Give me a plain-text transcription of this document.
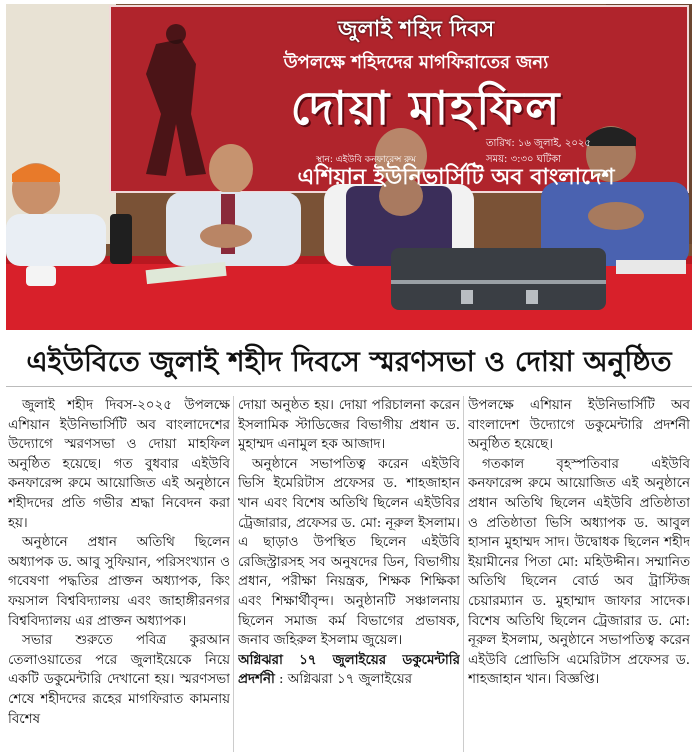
জুলাই শহিদ দিবস
উপলক্ষে শহিদদের মাগফিরাতের জন্য
দোয়া মাহফিল
তারিখ: ১৬ জুলাই, ২০২৫
সময়: ৩:৩০ ঘটিকা
স্থান: এইউবি কনফারেন্স রুম
এশিয়ান ইউনিভার্সিটি অব বাংলাদেশ
এইউবিতে জুলাই শহীদ দিবসে স্মরণসভা ও দোয়া অনুষ্ঠিত

জুলাই শহীদ দিবস-২০২৫ উপলক্ষে এশিয়ান ইউনিভার্সিটি অব বাংলাদেশের উদ্যোগে স্মরণসভা ও দোয়া মাহফিল অনুষ্ঠিত হয়েছে। গত বুধবার এইউবি কনফারেন্স রুমে আয়োজিত এই অনুষ্ঠানে শহীদদের প্রতি গভীর শ্রদ্ধা নিবেদন করা হয়।

অনুষ্ঠানে প্রধান অতিথি ছিলেন অধ্যাপক ড. আবু সুফিয়ান, পরিসংখ্যান ও গবেষণা পদ্ধতির প্রাক্তন অধ্যাপক, কিং ফয়সাল বিশ্ববিদ্যালয় এবং জাহাঙ্গীরনগর বিশ্ববিদ্যালয় এর প্রাক্তন অধ্যাপক।

সভার শুরুতে পবিত্র কুরআন তেলাওয়াতের পরে জুলাইয়েকে নিয়ে একটি ডকুমেন্টারি দেখানো হয়। স্মরণসভা শেষে শহীদদের রূহের মাগফিরাত কামনায় বিশেষ

দোয়া অনুষ্ঠত হয়। দোয়া পরিচালনা করেন ইসলামিক স্টাডিজের বিভাগীয় প্রধান ড. মুহাম্মদ এনামুল হক আজাদ।

অনুষ্ঠানে সভাপতিত্ব করেন এইউবি ভিসি ইমেরিটাস প্রফেসর ড. শাহজাহান খান এবং বিশেষ অতিথি ছিলেন এইউবির ট্রেজারার, প্রফেসর ড. মো: নূরুল ইসলাম। এ ছাড়াও উপস্থিত ছিলেন এইউবি রেজিস্ট্রারসহ সব অনুষদের ডিন, বিভাগীয় প্রধান, পরীক্ষা নিয়ন্ত্রক, শিক্ষক শিক্ষিকা এবং শিক্ষার্থীবৃন্দ। অনুষ্ঠানটি সঞ্চালনায় ছিলেন সমাজ কর্ম বিভাগের প্রভাষক, জনাব জহিরুল ইসলাম জুয়েল।

অগ্নিঝরা ১৭ জুলাইয়ের ডকুমেন্টারি প্রদর্শনী : অগ্নিঝরা ১৭ জুলাইয়ের

উপলক্ষে এশিয়ান ইউনিভার্সিটি অব বাংলাদেশ উদ্যোগে ডকুমেন্টারি প্রদর্শনী অনুষ্ঠিত হয়েছে।

গতকাল বৃহস্পতিবার এইউবি কনফারেন্স রুমে আয়োজিত এই অনুষ্ঠানে প্রধান অতিথি ছিলেন এইউবি প্রতিষ্ঠাতা ও প্রতিষ্ঠাতা ভিসি অধ্যাপক ড. আবুল হাসান মুহাম্মদ সাদ। উদ্বোধক ছিলেন শহীদ ইয়ামীনের পিতা মো: মহিউদ্দীন। সম্মানিত অতিথি ছিলেন বোর্ড অব ট্রাস্টিজ চেয়ারম্যান ড. মুহাম্মাদ জাফার সাদেক। বিশেষ অতিথি ছিলেন ট্রেজারার ড. মো: নূরুল ইসলাম, অনুষ্ঠানে সভাপতিত্ব করেন এইউবি প্রোভিসি এমেরিটাস প্রফেসর ড. শাহজাহান খান। বিজ্ঞপ্তি।
